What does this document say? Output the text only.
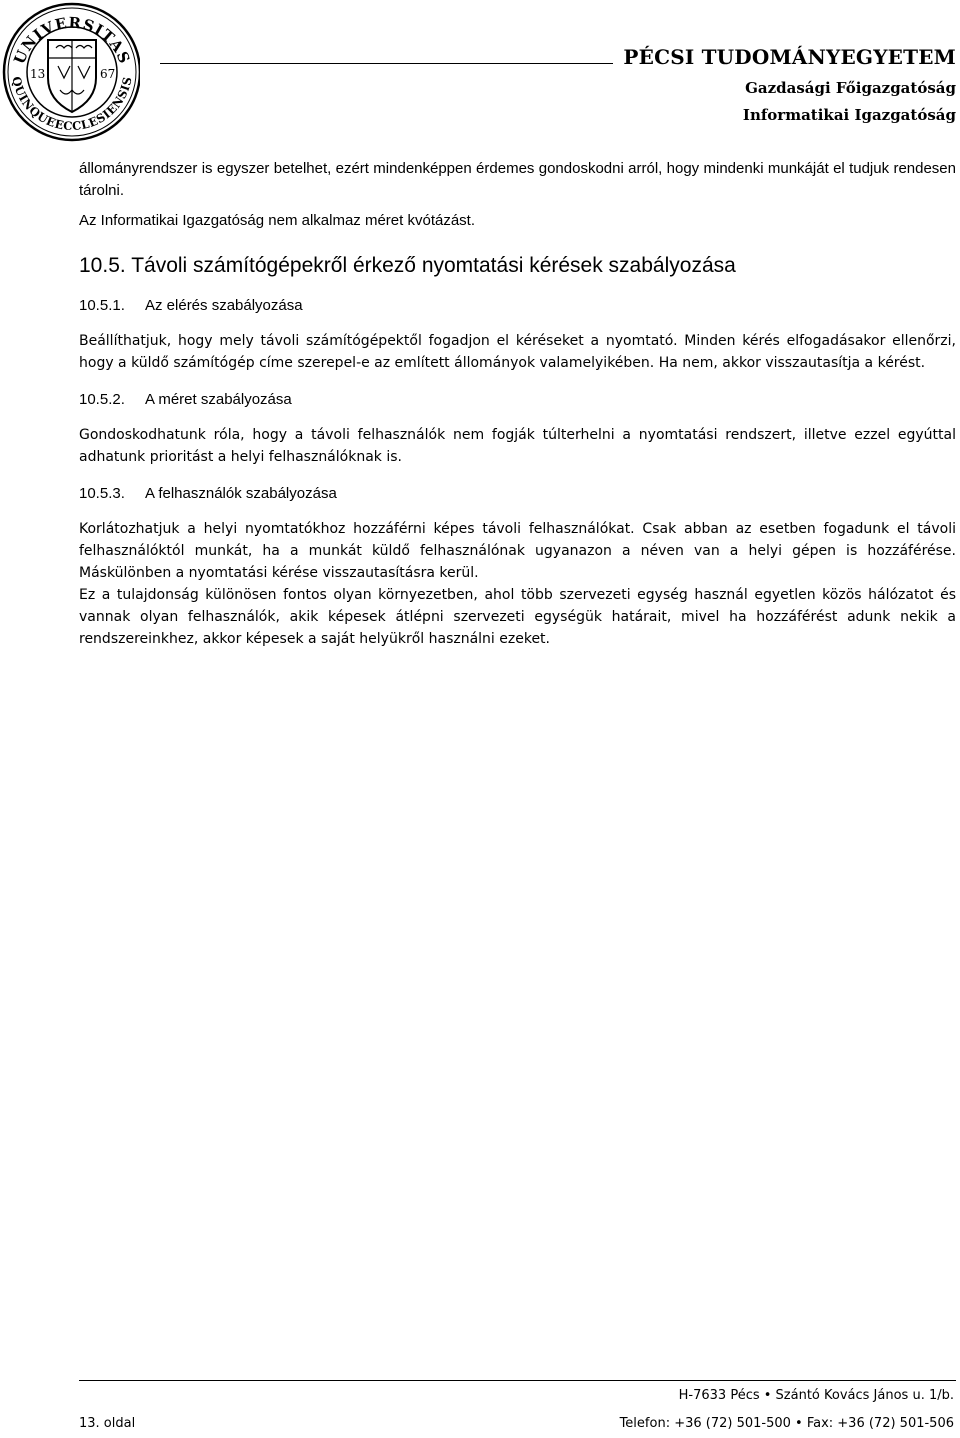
UNIVERSITAS
QUINQUEECCLESIENSIS
13	67
PÉCSI TUDOMÁNYEGYETEM
Gazdasági Főigazgatóság
Informatikai Igazgatóság

állományrendszer is egyszer betelhet, ezért mindenképpen érdemes gondoskodni arról, hogy mindenki munkáját el tudjuk rendesen tárolni.

Az Informatikai Igazgatóság nem alkalmaz méret kvótázást.

10.5. Távoli számítógépekről érkező nyomtatási kérések szabályozása
10.5.1. Az elérés szabályozása

Beállíthatjuk, hogy mely távoli számítógépektől fogadjon el kéréseket a nyomtató. Minden kérés elfogadásakor ellenőrzi, hogy a küldő számítógép címe szerepel-e az említett állományok valamelyikében. Ha nem, akkor visszautasítja a kérést.

10.5.2. A méret szabályozása

Gondoskodhatunk róla, hogy a távoli felhasználók nem fogják túlterhelni a nyomtatási rendszert, illetve ezzel egyúttal adhatunk prioritást a helyi felhasználóknak is.

10.5.3. A felhasználók szabályozása

Korlátozhatjuk a helyi nyomtatókhoz hozzáférni képes távoli felhasználókat. Csak abban az esetben fogadunk el távoli felhasználóktól munkát, ha a munkát küldő felhasználónak ugyanazon a néven van a helyi gépen is hozzáférése. Máskülönben a nyomtatási kérése visszautasításra kerül.

Ez a tulajdonság különösen fontos olyan környezetben, ahol több szervezeti egység használ egyetlen közös hálózatot és vannak olyan felhasználók, akik képesek átlépni szervezeti egységük határait, mivel ha hozzáférést adunk nekik a rendszereinkhez, akkor képesek a saját helyükről használni ezeket.

H-7633 Pécs • Szántó Kovács János u. 1/b.
13. oldal	Telefon: +36 (72) 501-500 • Fax: +36 (72) 501-506
